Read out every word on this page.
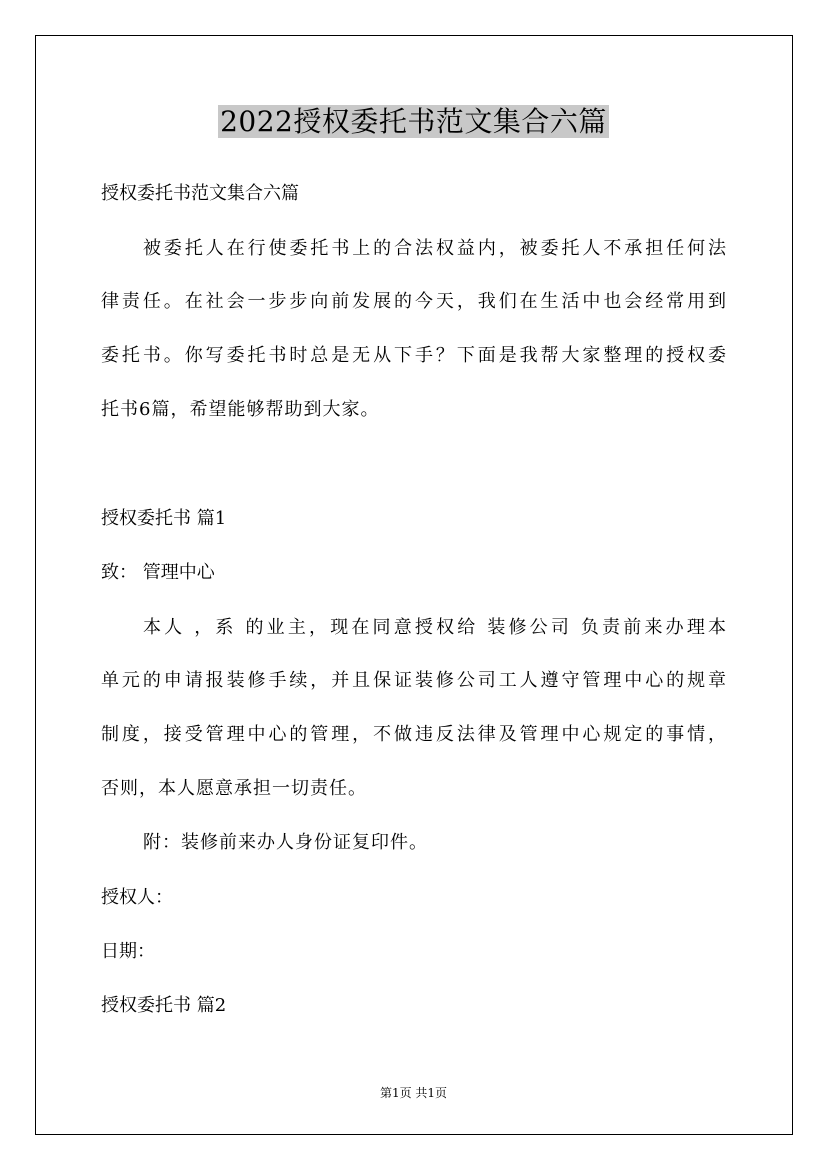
2022授权委托书范文集合六篇
授权委托书范文集合六篇
被委托人在行使委托书上的合法权益内，被委托人不承担任何法
律责任。在社会一步步向前发展的今天，我们在生活中也会经常用到
委托书。你写委托书时总是无从下手？下面是我帮大家整理的授权委
托书6篇，希望能够帮助到大家。
授权委托书 篇1
致： 管理中心
本人 ，系 的业主，现在同意授权给 装修公司 负责前来办理本
单元的申请报装修手续，并且保证装修公司工人遵守管理中心的规章
制度，接受管理中心的管理，不做违反法律及管理中心规定的事情，
否则，本人愿意承担一切责任。
附：装修前来办人身份证复印件。
授权人：
日期：
授权委托书 篇2
第1页 共1页
